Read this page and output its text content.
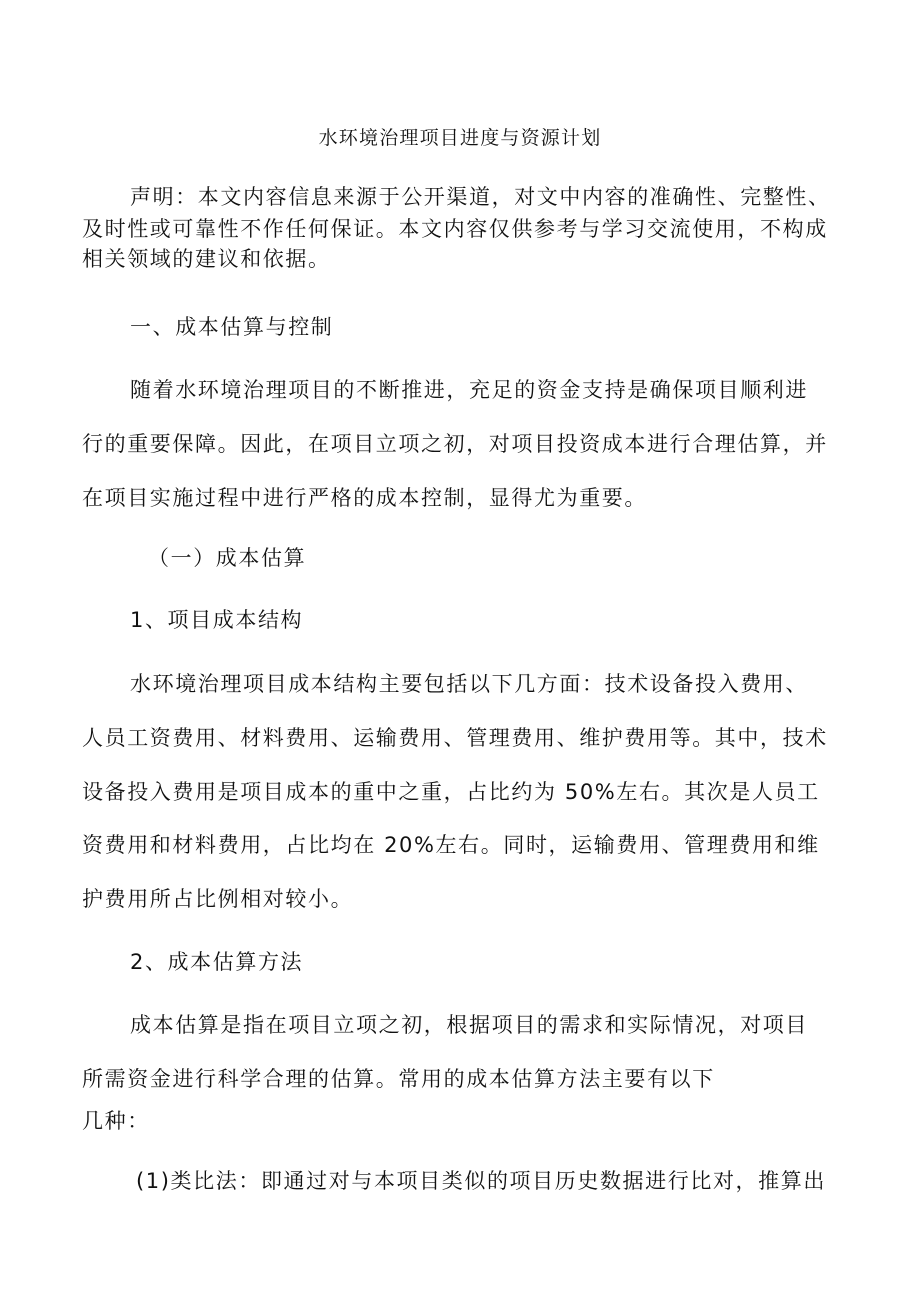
水环境治理项目进度与资源计划
声明：本文内容信息来源于公开渠道，对文中内容的准确性、完整性、
及时性或可靠性不作任何保证。本文内容仅供参考与学习交流使用，不构成
相关领域的建议和依据。
一、成本估算与控制
随着水环境治理项目的不断推进，充足的资金支持是确保项目顺利进
行的重要保障。因此，在项目立项之初，对项目投资成本进行合理估算，并
在项目实施过程中进行严格的成本控制，显得尤为重要。
（一）成本估算
1、项目成本结构
水环境治理项目成本结构主要包括以下几方面：技术设备投入费用、
人员工资费用、材料费用、运输费用、管理费用、维护费用等。其中，技术
设备投入费用是项目成本的重中之重，占比约为 50%左右。其次是人员工
资费用和材料费用，占比均在 20%左右。同时，运输费用、管理费用和维
护费用所占比例相对较小。
2、成本估算方法
成本估算是指在项目立项之初，根据项目的需求和实际情况，对项目
所需资金进行科学合理的估算。常用的成本估算方法主要有以下
几种：
(1)类比法：即通过对与本项目类似的项目历史数据进行比对，推算出
